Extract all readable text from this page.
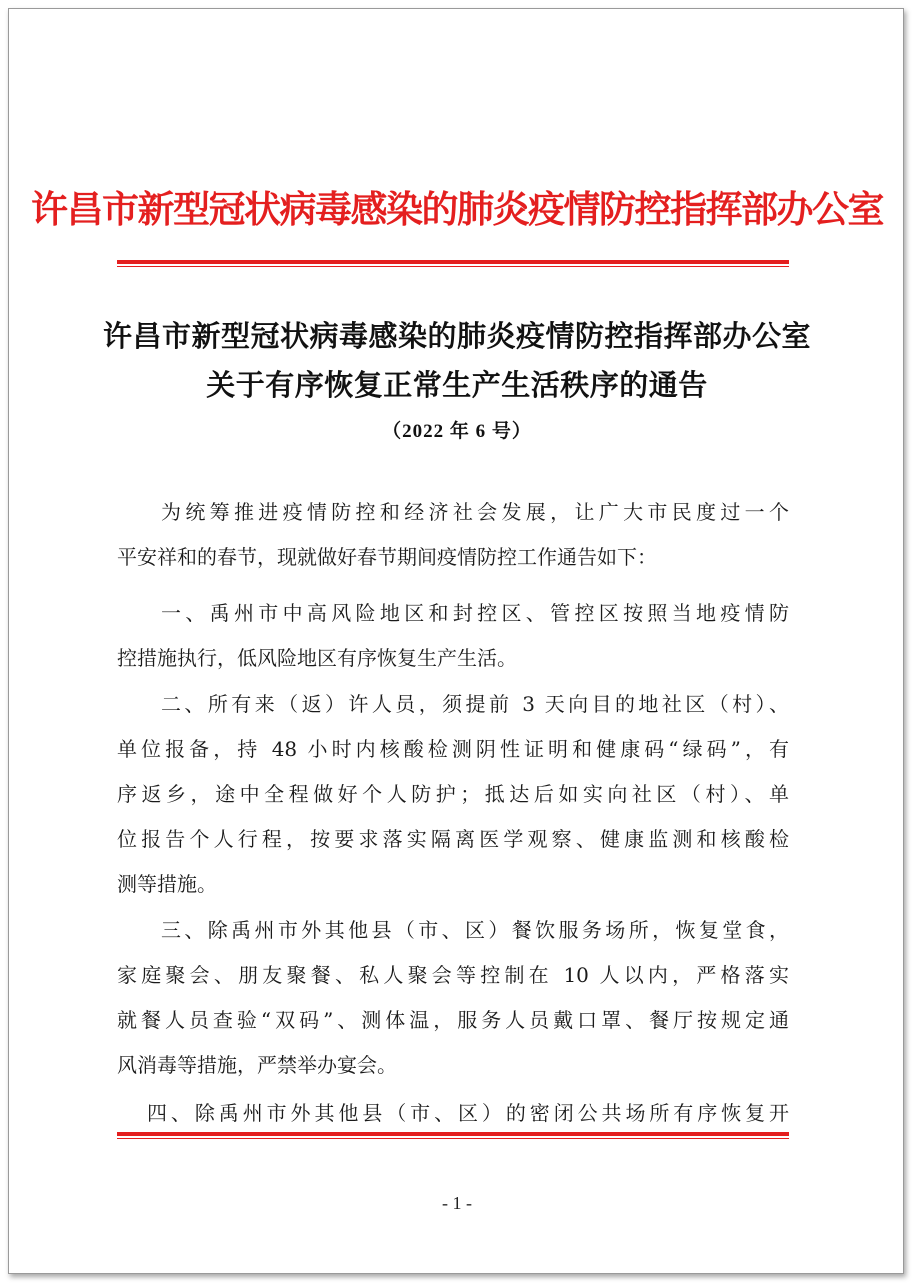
许昌市新型冠状病毒感染的肺炎疫情防控指挥部办公室
许昌市新型冠状病毒感染的肺炎疫情防控指挥部办公室
关于有序恢复正常生产生活秩序的通告
（2022 年 6 号）
为统筹推进疫情防控和经济社会发展，让广大市民度过一个
平安祥和的春节，现就做好春节期间疫情防控工作通告如下：
一、禹州市中高风险地区和封控区、管控区按照当地疫情防
控措施执行，低风险地区有序恢复生产生活。
二、所有来（返）许人员，须提前 3 天向目的地社区（村）、
单位报备，持 48 小时内核酸检测阴性证明和健康码“绿码”，有
序返乡，途中全程做好个人防护；抵达后如实向社区（村）、单
位报告个人行程，按要求落实隔离医学观察、健康监测和核酸检
测等措施。
三、除禹州市外其他县（市、区）餐饮服务场所，恢复堂食，
家庭聚会、朋友聚餐、私人聚会等控制在 10 人以内，严格落实
就餐人员查验“双码”、测体温，服务人员戴口罩、餐厅按规定通
风消毒等措施，严禁举办宴会。
四、除禹州市外其他县（市、区）的密闭公共场所有序恢复开
- 1 -
